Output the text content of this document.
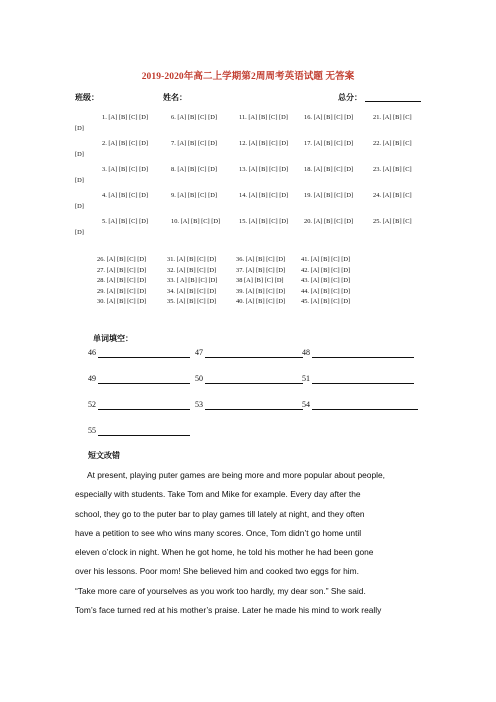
2019-2020年高二上学期第2周周考英语试题 无答案
班级：	姓名：	总分：
1. [A] [B] [C] [D]	6. [A] [B] [C] [D]	11. [A] [B] [C] [D]	16. [A] [B] [C] [D]	21. [A] [B] [C]
[D]
2. [A] [B] [C] [D]	7. [A] [B] [C] [D]	12. [A] [B] [C] [D] 17. [A] [B] [C] [D]	22. [A] [B] [C]
[D]
3. [A] [B] [C] [D]	8. [A] [B] [C] [D]	13. [A] [B] [C] [D] 18. [A] [B] [C] [D]	23. [A] [B] [C]
[D]
4. [A] [B] [C] [D]	9. [A] [B] [C] [D]	14. [A] [B] [C] [D] 19. [A] [B] [C] [D]	24. [A] [B] [C]
[D]
5. [A] [B] [C] [D]	10. [A] [B] [C] [D]	15. [A] [B] [C] [D] 20. [A] [B] [C] [D]	25. [A] [B] [C]
[D]
26. [A] [B] [C] [D]	31. [A] [B] [C] [D]	36. [A] [B] [C] [D] 41. [A] [B] [C] [D]
27. [A] [B] [C] [D]	32. [A] [B] [C] [D]	37. [A] [B] [C] [D] 42. [A] [B] [C] [D]
28. [A] [B] [C] [D]	33. [ A] [B] [C] [D]	38 [A] [B] [C] [D]	43. [A] [B] [C] [D]
29. [A] [B] [C] [D]	34. [A] [B] [C] [D]	39. [A] [B] [C] [D] 44. [A] [B] [C] [D]
30. [A] [B] [C] [D]	35. [A] [B] [C] [D]	40. [A] [B] [C] [D] 45. [A] [B] [C] [D]
单词填空：
46	47	48
49	50	51
52	53	54
55
短文改错
At present, playing puter games are being more and more popular about people,
especially with students. Take Tom and Mike for example. Every day after the
school, they go to the puter bar to play games till lately at night, and they often
have a petition to see who wins many scores. Once, Tom didn’t go home until
eleven o’clock in night. When he got home, he told his mother he had been gone
over his lessons. Poor mom! She believed him and cooked two eggs for him.
“Take more care of yourselves as you work too hardly, my dear son.” She said.
Tom’s face turned red at his mother’s praise. Later he made his mind to work really
